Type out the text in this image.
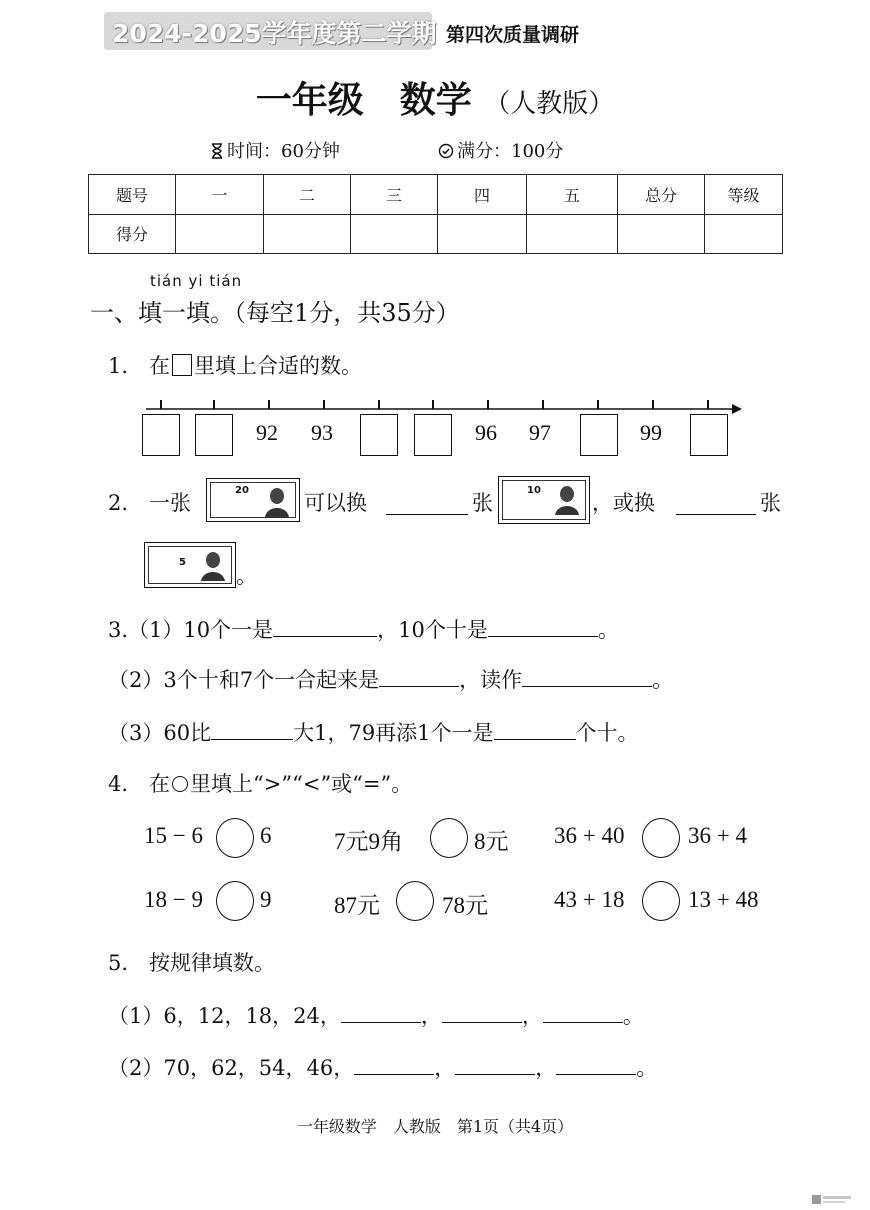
2024-2025学年度第二学期 第四次质量调研
一年级　数学 （人教版）
时间：60分钟	满分：100分
题号	一	二	三	四	五	总分	等级
得分							
tián yi tián
一、填一填。（每空1分，共35分）
1.　在 里填上合适的数。
92 93	96 97	99
2.　一张
20
可以换	张
10
，或换	张
5
。
3.（1）10个一是	，10个十是	。
（2）3个十和7个一合起来是	，读作	。
（3）60比	大1，79再添1个一是	个十。
4.　在 里填上“>”“<”或“=”。
15 − 6 6	7元9角	8元 36 + 40	36 + 4
18 − 9 9	87元	78元	43 + 18	13 + 48
5.　按规律填数。
（1）6，12，18，24，	，	，	。
（2）70，62，54，46，	，	，	。
一年级数学　人教版　第1页（共4页）
